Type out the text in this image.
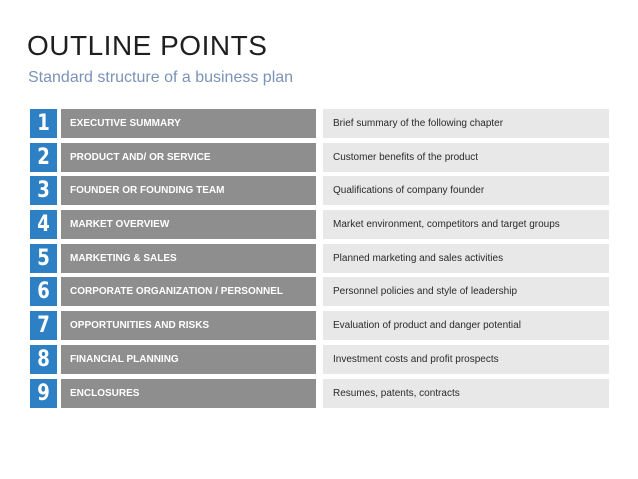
OUTLINE POINTS
Standard structure of a business plan
1	EXECUTIVE SUMMARY	Brief summary of the following chapter
2	PRODUCT AND/ OR SERVICE	Customer benefits of the product
3	FOUNDER OR FOUNDING TEAM	Qualifications of company founder
4	MARKET OVERVIEW	Market environment, competitors and target groups
5	MARKETING & SALES	Planned marketing and sales activities
6	CORPORATE ORGANIZATION / PERSONNEL	Personnel policies and style of leadership
7	OPPORTUNITIES AND RISKS	Evaluation of product and danger potential
8	FINANCIAL PLANNING	Investment costs and profit prospects
9	ENCLOSURES	Resumes, patents, contracts
